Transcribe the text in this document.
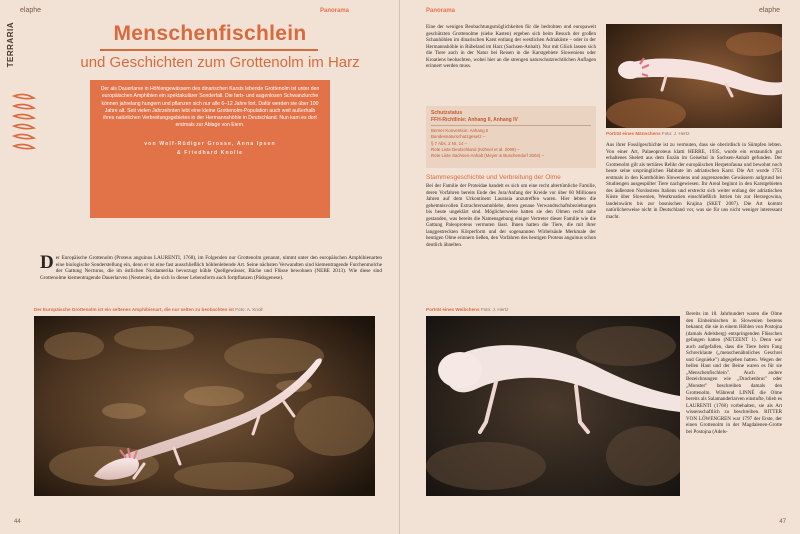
elaphe	Panorama
TERRARIA	Menschenfischlein
und Geschichten zum Grottenolm im Harz
Der als Dauerlarve in Höhlengewässern des dinarischen Karsts lebende Grottenolm ist unter den europäischen Amphibien ein spektakulärer Sonderfall. Die farb- und augenlosen Schwanzlurche können jahrelang hungern und pflanzen sich nur alle 6–12 Jahre fort. Dafür werden sie über 100 Jahre alt. Seit vielen Jahrzehnten lebt eine kleine Grottenolm-Population auch weit außerhalb ihres natürlichen Verbreitungsgebietes in der Hermannshöhle in Deutschland. Nun kam es dort erstmals zur Ablage von Eiern.
von Wolf-Rüdiger Grosse, Anna Ipsen
& Friedhard Knolle
Der Europäische Grottenolm (Proteus anguinus LAURENTI, 1768), im Folgenden nur Grottenolm genannt, nimmt unter den europäischen Amphibienarten eine biologische Sonderstellung ein, denn er ist eine fast ausschließlich höhlenlebende Art. Seine nächsten Verwandten sind kiementragende Furchenmolche der Gattung Necturus, die im östlichen Nordamerika bevorzugt kühle Quellgewässer, Bäche und Flüsse bewohnen (NEBE 2013). Wie diese sind Grottenolme kiementragende Dauerlarven (Neotenie), die sich in dieser Lebensform auch fortpflanzen (Pädogenese).
Der Europäische Grottenolm ist ein seltenes Amphibienart, die nur selten zu beobachten ist Foto: A. Knoll
44
Panorama	elaphe
Eine der wenigen Beobachtungsmöglichkeiten für die bedrohten und europaweit geschützten Grottenolme (siehe Kasten) ergeben sich beim Besuch der großen Schauhöhlen im dinarischen Karst entlang der westlichen Adriaküste – oder in der Hermannshöhle in Rübeland im Harz (Sachsen-Anhalt). Nur mit Glück lassen sich die Tiere auch in der Natur bei Reisen in die Karstgebiete Sloweniens oder Kroatiens beobachten, wobei hier an die strengen naturschutzrechtlichen Auflagen erinnert werden muss.
Schutzstatus
FFH-Richtlinie: Anhang II, Anhang IV
Berner Konvention: Anhang II
Bundesnaturschutzgesetz –
§ 7 Abs. 2 Nr. 14 –
Rote Liste Deutschland (Kühnel et al. 2009) –
Rote Liste Sachsen-Anhalt (Meyer & Buschendorf 2004) –
Stammesgeschichte und Verbreitung der Olme
Bei der Familie der Proteidae handelt es sich um eine recht altertümliche Familie, deren Vorfahren bereits Ende des Jura/Anfang der Kreide vor über 60 Millionen Jahren auf dem Urkontinent Laurasia anzutreffen waren. Hier lebten die gehemnisvollen Extrachtersamnblebe, deren genaue Verwandtschaftsbeziehungen bis heute ungeklärt sind. Möglicherweise hatten sie den Olmen recht nahe gestanden, was bereits die Namensgebung einiger Vertreter dieser Familie wie die Gattung Paleoproteus vermuten lässt. Ihnen hatten die Tiere, die mit ihrer langgestreckten Körperform und der sogenannten Wirbelsäule Merkmale der heutigen Olme erinnern ließen, den Vorfahren des heutigen Proteus anguinus schon deutlich ähnelten.
Porträt eines Männchens Foto: J. Hertz
Aus ihrer Fossilgeschichte ist zu vermuten, dass sie oberirdisch in Sümpfen lebten. Von einer Art, Palaeoproteus klatti HERRE, 1935, wurde ein erstaunlich gut erhaltenes Skelett aus dem Eozän im Geiseltal in Sachsen-Anhalt gefunden. Der Grottenolm gilt als tertiäres Relikt der europäischen Herpetofauna und bewohnt noch heute seine ursprünglichen Habitate im adriatischen Karst. Die Art wurde 1751 erstmals in den Karsthöhlen Sloweniens und angrenzenden Gewässern aufgrund bei Studiengen ausgespülter Tiere nachgewiesen. Ihr Areal beginnt in den Karstgebieten des äußersten Nordostens Italiens und erstreckt sich weiter entlang der adriatischen Küste über Slowenien, Westkroatien einschließlich Istrien bis zur Herzegowina, landeinwärts bis zur bosnischen Krajina (SKET 2007). Die Art kommt natürlicherweise nicht in Deutschland vor, was sie für uns nicht weniger interessant macht.
Porträt eines Weibchens Foto: J. Hertz
Bereits im 18. Jahrhundert waren die Olme den Einheimischen in Slowenien bestens bekannt; die sie in einem Höhlen von Postojna (damals Adelsberg) entspringenden Flüsschen gefangen hatten (NETZENT 1). Denn war auch aufgefallen, dass die Tiere beim Fang Schrecklaute („menschenähnliches Geschrei und Gegnieke") abgegeben hatten. Wegen der hellen Haut und der Beine waren es für sie „Menschenfischlein". Auch andere Bezeichnungen wie „Drachenbrut" oder „Monster" beschreiben damals den Grottenolm. Während LINNÉ die Olme bereits als Salamanderlarven einstufte, blieb es LAURENTI (1768) vorbehalten, sie als Art wissenschaftlich zu beschreiben. RITTER VON LÖWENGREN war 1797 der Erste, der einen Grottenolm in der Magdalenen-Grotte bei Postojna (Adels-
47
